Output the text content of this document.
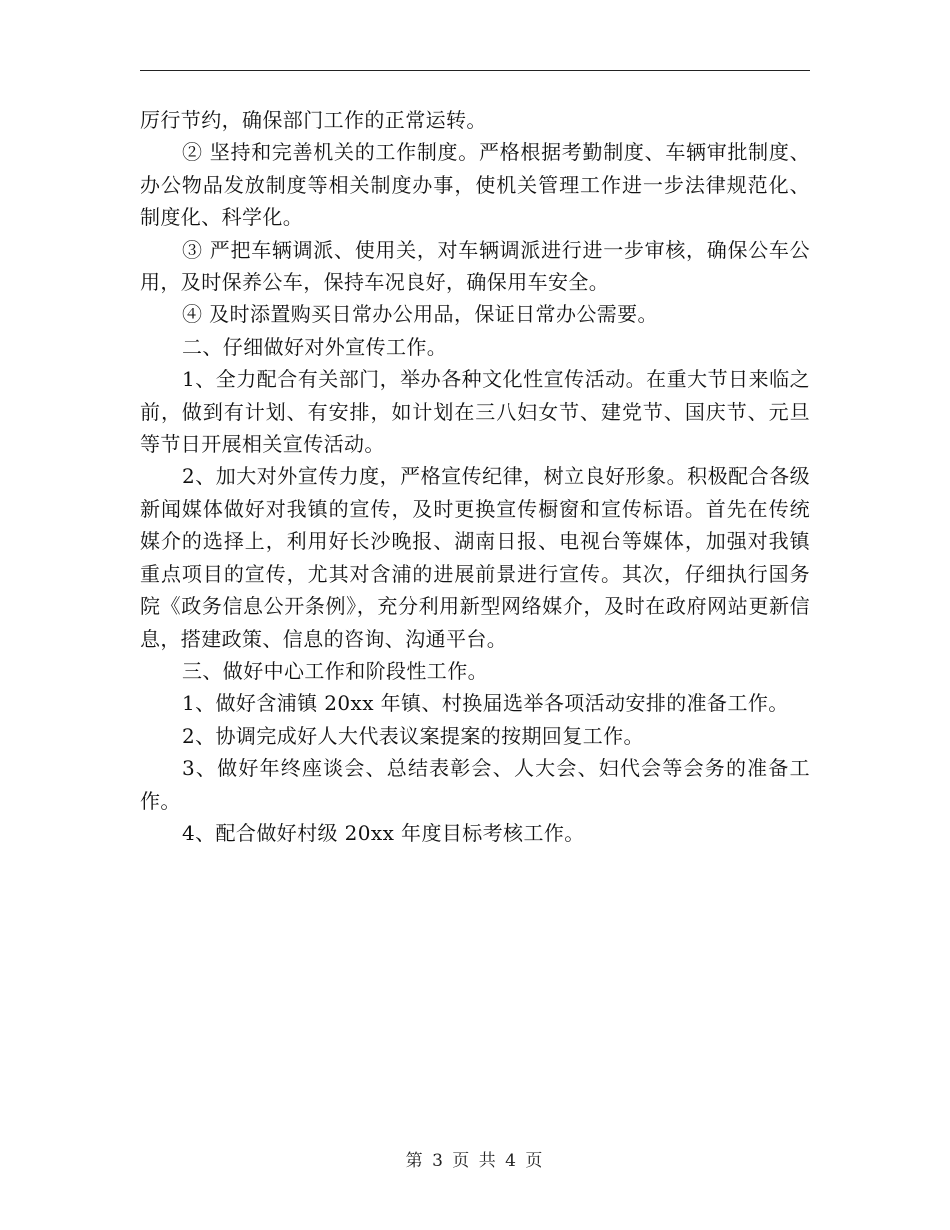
厉行节约，确保部门工作的正常运转。

② 坚持和完善机关的工作制度。严格根据考勤制度、车辆审批制度、办公物品发放制度等相关制度办事，使机关管理工作进一步法律规范化、制度化、科学化。

③ 严把车辆调派、使用关，对车辆调派进行进一步审核，确保公车公用，及时保养公车，保持车况良好，确保用车安全。

④ 及时添置购买日常办公用品，保证日常办公需要。

二、仔细做好对外宣传工作。

1、全力配合有关部门，举办各种文化性宣传活动。在重大节日来临之前，做到有计划、有安排，如计划在三八妇女节、建党节、国庆节、元旦等节日开展相关宣传活动。

2、加大对外宣传力度，严格宣传纪律，树立良好形象。积极配合各级新闻媒体做好对我镇的宣传，及时更换宣传橱窗和宣传标语。首先在传统媒介的选择上，利用好长沙晚报、湖南日报、电视台等媒体，加强对我镇重点项目的宣传，尤其对含浦的进展前景进行宣传。其次，仔细执行国务院《政务信息公开条例》，充分利用新型网络媒介，及时在政府网站更新信息，搭建政策、信息的咨询、沟通平台。

三、做好中心工作和阶段性工作。

1、做好含浦镇 20xx 年镇、村换届选举各项活动安排的准备工作。

2、协调完成好人大代表议案提案的按期回复工作。

3、做好年终座谈会、总结表彰会、人大会、妇代会等会务的准备工作。

4、配合做好村级 20xx 年度目标考核工作。

第 3 页 共 4 页
